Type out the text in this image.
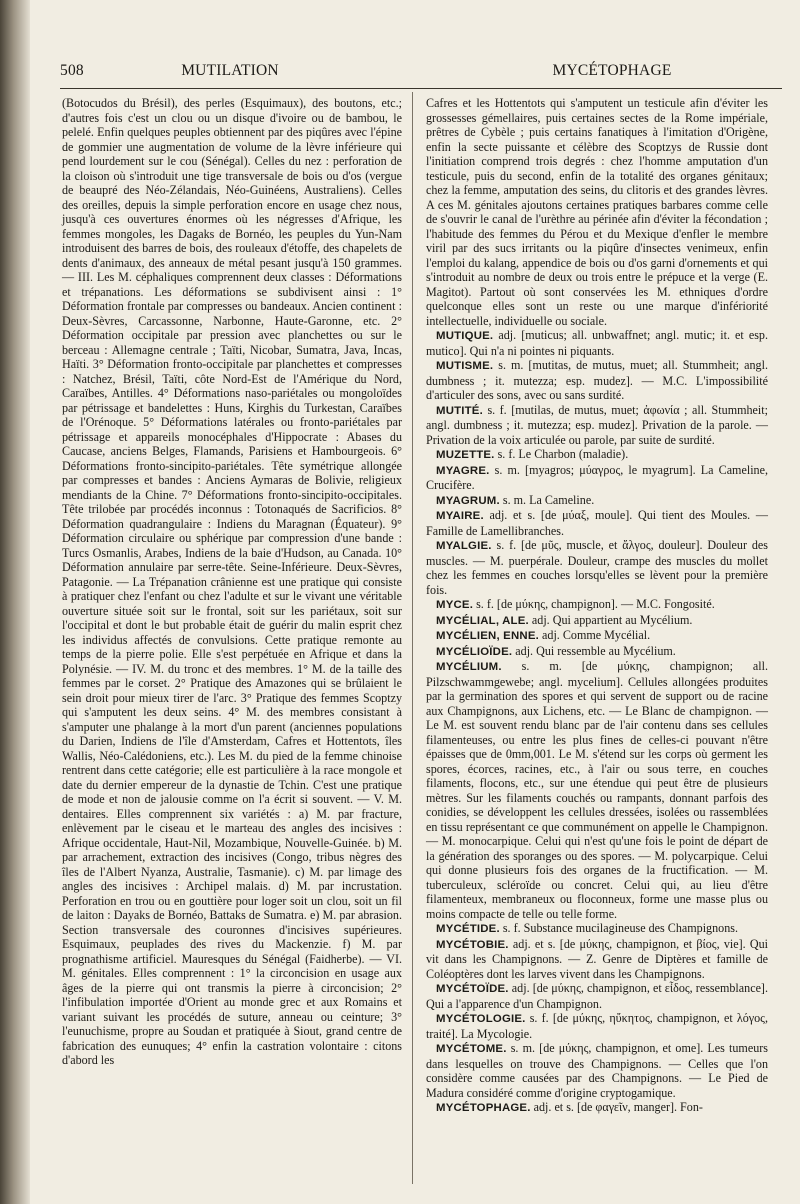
508	MUTILATION	MYCÉTOPHAGE

(Botocudos du Brésil), des perles (Esquimaux), des boutons, etc.; d'autres fois c'est un clou ou un disque d'ivoire ou de bambou, le pelelé. Enfin quelques peuples obtiennent par des piqûres avec l'épine de gommier une augmentation de volume de la lèvre inférieure qui pend lourdement sur le cou (Sénégal). Celles du nez : perforation de la cloison où s'introduit une tige transversale de bois ou d'os (vergue de beaupré des Néo-Zélandais, Néo-Guinéens, Australiens). Celles des oreilles, depuis la simple perforation encore en usage chez nous, jusqu'à ces ouvertures énormes où les négresses d'Afrique, les femmes mongoles, les Dagaks de Bornéo, les peuples du Yun-Nam introduisent des barres de bois, des rouleaux d'étoffe, des chapelets de dents d'animaux, des anneaux de métal pesant jusqu'à 150 grammes. — III. Les M. céphaliques comprennent deux classes : Déformations et trépanations. Les déformations se subdivisent ainsi : 1° Déformation frontale par compresses ou bandeaux. Ancien continent : Deux-Sèvres, Carcassonne, Narbonne, Haute-Garonne, etc. 2° Déformation occipitale par pression avec planchettes ou sur le berceau : Allemagne centrale ; Taïti, Nicobar, Sumatra, Java, Incas, Haïti. 3° Déformation fronto-occipitale par planchettes et compresses : Natchez, Brésil, Taïti, côte Nord-Est de l'Amérique du Nord, Caraïbes, Antilles. 4° Déformations naso-pariétales ou mongoloïdes par pétrissage et bandelettes : Huns, Kirghis du Turkestan, Caraïbes de l'Orénoque. 5° Déformations latérales ou fronto-pariétales par pétrissage et appareils monocéphales d'Hippocrate : Abases du Caucase, anciens Belges, Flamands, Parisiens et Hambourgeois. 6° Déformations fronto-sincipito-pariétales. Tête symétrique allongée par compresses et bandes : Anciens Aymaras de Bolivie, religieux mendiants de la Chine. 7° Déformations fronto-sincipito-occipitales. Tête trilobée par procédés inconnus : Totonaqués de Sacrificios. 8° Déformation quadrangulaire : Indiens du Maragnan (Équateur). 9° Déformation circulaire ou sphérique par compression d'une bande : Turcs Osmanlis, Arabes, Indiens de la baie d'Hudson, au Canada. 10° Déformation annulaire par serre-tête. Seine-Inférieure. Deux-Sèvres, Patagonie. — La Trépanation crânienne est une pratique qui consiste à pratiquer chez l'enfant ou chez l'adulte et sur le vivant une véritable ouverture située soit sur le frontal, soit sur les pariétaux, soit sur l'occipital et dont le but probable était de guérir du malin esprit chez les individus affectés de convulsions. Cette pratique remonte au temps de la pierre polie. Elle s'est perpétuée en Afrique et dans la Polynésie. — IV. M. du tronc et des membres. 1° M. de la taille des femmes par le corset. 2° Pratique des Amazones qui se brûlaient le sein droit pour mieux tirer de l'arc. 3° Pratique des femmes Scoptzy qui s'amputent les deux seins. 4° M. des membres consistant à s'amputer une phalange à la mort d'un parent (anciennes populations du Darien, Indiens de l'île d'Amsterdam, Cafres et Hottentots, îles Wallis, Néo-Calédoniens, etc.). Les M. du pied de la femme chinoise rentrent dans cette catégorie; elle est particulière à la race mongole et date du dernier empereur de la dynastie de Tchin. C'est une pratique de mode et non de jalousie comme on l'a écrit si souvent. — V. M. dentaires. Elles comprennent six variétés : a) M. par fracture, enlèvement par le ciseau et le marteau des angles des incisives : Afrique occidentale, Haut-Nil, Mozambique, Nouvelle-Guinée. b) M. par arrachement, extraction des incisives (Congo, tribus nègres des îles de l'Albert Nyanza, Australie, Tasmanie). c) M. par limage des angles des incisives : Archipel malais. d) M. par incrustation. Perforation en trou ou en gouttière pour loger soit un clou, soit un fil de laiton : Dayaks de Bornéo, Battaks de Sumatra. e) M. par abrasion. Section transversale des couronnes d'incisives supérieures. Esquimaux, peuplades des rives du Mackenzie. f) M. par prognathisme artificiel. Mauresques du Sénégal (Faidherbe). — VI. M. génitales. Elles comprennent : 1° la circoncision en usage aux âges de la pierre qui ont transmis la pierre à circoncision; 2° l'infibulation importée d'Orient au monde grec et aux Romains et variant suivant les procédés de suture, anneau ou ceinture; 3° l'eunuchisme, propre au Soudan et pratiquée à Siout, grand centre de fabrication des eunuques; 4° enfin la castration volontaire : citons d'abord les

Cafres et les Hottentots qui s'amputent un testicule afin d'éviter les grossesses gémellaires, puis certaines sectes de la Rome impériale, prêtres de Cybèle ; puis certains fanatiques à l'imitation d'Origène, enfin la secte puissante et célèbre des Scoptzys de Russie dont l'initiation comprend trois degrés : chez l'homme amputation d'un testicule, puis du second, enfin de la totalité des organes génitaux; chez la femme, amputation des seins, du clitoris et des grandes lèvres. A ces M. génitales ajoutons certaines pratiques barbares comme celle de s'ouvrir le canal de l'urèthre au périnée afin d'éviter la fécondation ; l'habitude des femmes du Pérou et du Mexique d'enfler le membre viril par des sucs irritants ou la piqûre d'insectes venimeux, enfin l'emploi du kalang, appendice de bois ou d'os garni d'ornements et qui s'introduit au nombre de deux ou trois entre le prépuce et la verge (E. Magitot). Partout où sont conservées les M. ethniques d'ordre quelconque elles sont un reste ou une marque d'infériorité intellectuelle, individuelle ou sociale.

MUTIQUE. adj. [muticus; all. unbwaffnet; angl. mutic; it. et esp. mutico]. Qui n'a ni pointes ni piquants.

MUTISME. s. m. [mutitas, de mutus, muet; all. Stummheit; angl. dumbness ; it. mutezza; esp. mudez]. — M.C. L'impossibilité d'articuler des sons, avec ou sans surdité.

MUTITÉ. s. f. [mutilas, de mutus, muet; ἀφωνία ; all. Stummheit; angl. dumbness ; it. mutezza; esp. mudez]. Privation de la parole. — Privation de la voix articulée ou parole, par suite de surdité.

MUZETTE. s. f. Le Charbon (maladie).

MYAGRE. s. m. [myagros; μύαγρος, le myagrum]. La Cameline, Crucifère.

MYAGRUM. s. m. La Cameline.

MYAIRE. adj. et s. [de μύαξ, moule]. Qui tient des Moules. — Famille de Lamellibranches.

MYALGIE. s. f. [de μῦς, muscle, et ἄλγος, douleur]. Douleur des muscles. — M. puerpérale. Douleur, crampe des muscles du mollet chez les femmes en couches lorsqu'elles se lèvent pour la première fois.

MYCE. s. f. [de μύκης, champignon]. — M.C. Fongosité.

MYCÉLIAL, ALE. adj. Qui appartient au Mycélium.

MYCÉLIEN, ENNE. adj. Comme Mycélial.

MYCÉLIOÏDE. adj. Qui ressemble au Mycélium.

MYCÉLIUM. s. m. [de μύκης, champignon; all. Pilzschwammgewebe; angl. mycelium]. Cellules allongées produites par la germination des spores et qui servent de support ou de racine aux Champignons, aux Lichens, etc. — Le Blanc de champignon. — Le M. est souvent rendu blanc par de l'air contenu dans ses cellules filamenteuses, ou entre les plus fines de celles-ci pouvant n'être épaisses que de 0mm,001. Le M. s'étend sur les corps où germent les spores, écorces, racines, etc., à l'air ou sous terre, en couches filaments, flocons, etc., sur une étendue qui peut être de plusieurs mètres. Sur les filaments couchés ou rampants, donnant parfois des conidies, se développent les cellules dressées, isolées ou rassemblées en tissu représentant ce que communément on appelle le Champignon. — M. monocarpique. Celui qui n'est qu'une fois le point de départ de la génération des sporanges ou des spores. — M. polycarpique. Celui qui donne plusieurs fois des organes de la fructification. — M. tuberculeux, scléroïde ou concret. Celui qui, au lieu d'être filamenteux, membraneux ou floconneux, forme une masse plus ou moins compacte de telle ou telle forme.

MYCÉTIDE. s. f. Substance mucilagineuse des Champignons.

MYCÉTOBIE. adj. et s. [de μύκης, champignon, et βίος, vie]. Qui vit dans les Champignons. — Z. Genre de Diptères et famille de Coléoptères dont les larves vivent dans les Champignons.

MYCÉTOÏDE. adj. [de μύκης, champignon, et εἶδος, ressemblance]. Qui a l'apparence d'un Champignon.

MYCÉTOLOGIE. s. f. [de μύκης, ηὔκητος, champignon, et λόγος, traité]. La Mycologie.

MYCÉTOME. s. m. [de μύκης, champignon, et ome]. Les tumeurs dans lesquelles on trouve des Champignons. — Celles que l'on considère comme causées par des Champignons. — Le Pied de Madura considéré comme d'origine cryptogamique.

MYCÉTOPHAGE. adj. et s. [de φαγεῖν, manger]. Fon-
